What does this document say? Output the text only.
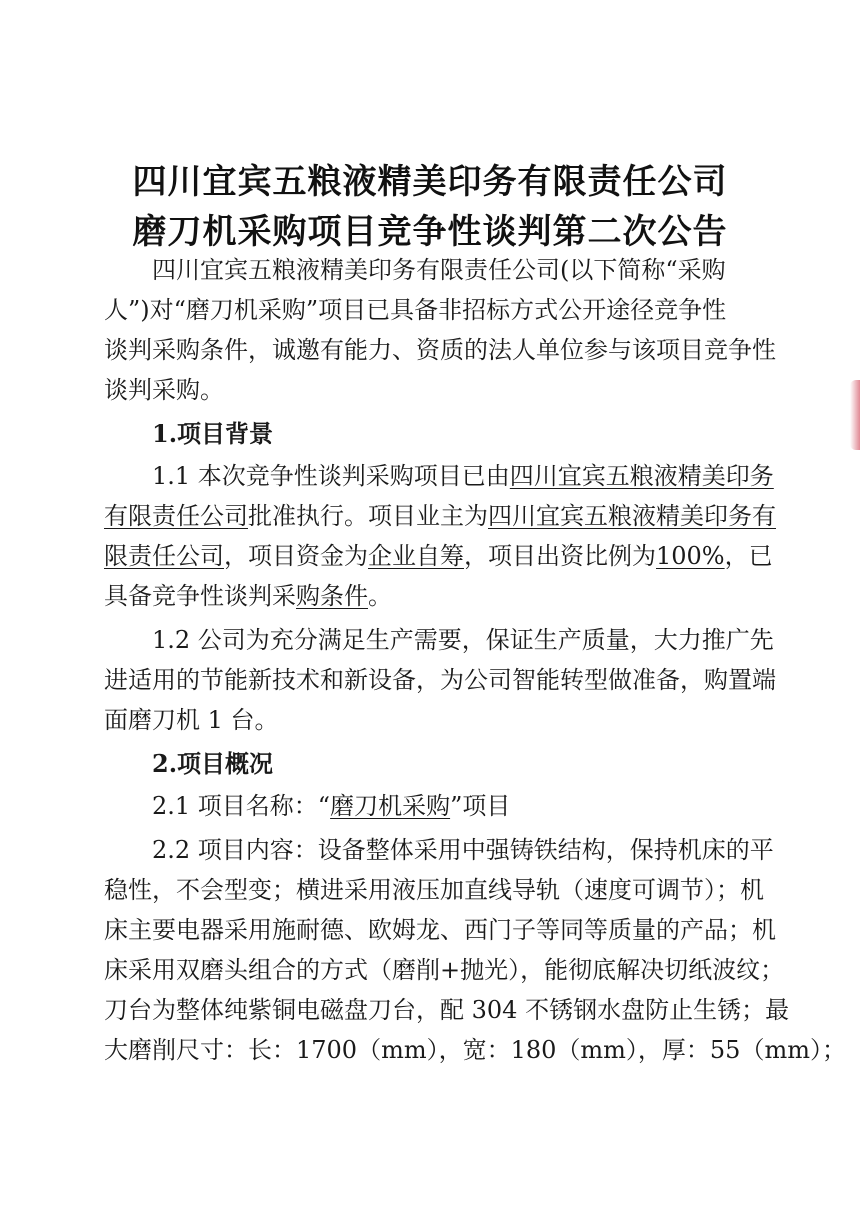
四川宜宾五粮液精美印务有限责任公司
磨刀机采购项目竞争性谈判第二次公告
四川宜宾五粮液精美印务有限责任公司(以下简称“采购
人”)对“磨刀机采购”项目已具备非招标方式公开途径竞争性
谈判采购条件，诚邀有能力、资质的法人单位参与该项目竞争性
谈判采购。
1.项目背景
1.1 本次竞争性谈判采购项目已由 四川宜宾五粮液精美印务
有限责任公司批准执行。项目业主为四川宜宾五粮液精美印务有
限责任公司，项目资金为企业自筹，项目出资比例为100%，已
具备竞争性谈判采 购条件 。
1.2 公司为充分满足生产需要，保证生产质量，大力推广先
进适用的节能新技术和新设备，为公司智能转型做准备，购置端
面磨刀机 1 台。
2.项目概况
2.1 项目名称：“ 磨刀机采购 ”项目
2.2 项目内容：设备整体采用中强铸铁结构，保持机床的平
稳性，不会型变；横进采用液压加直线导轨（速度可调节）；机
床主要电器采用施耐德、欧姆龙、西门子等同等质量的产品；机
床采用双磨头组合的方式（磨削+抛光），能彻底解决切纸波纹；
刀台为整体纯紫铜电磁盘刀台，配 304 不锈钢水盘防止生锈；最
大磨削尺寸：长：1700（mm），宽：180（mm），厚：55（mm）；
